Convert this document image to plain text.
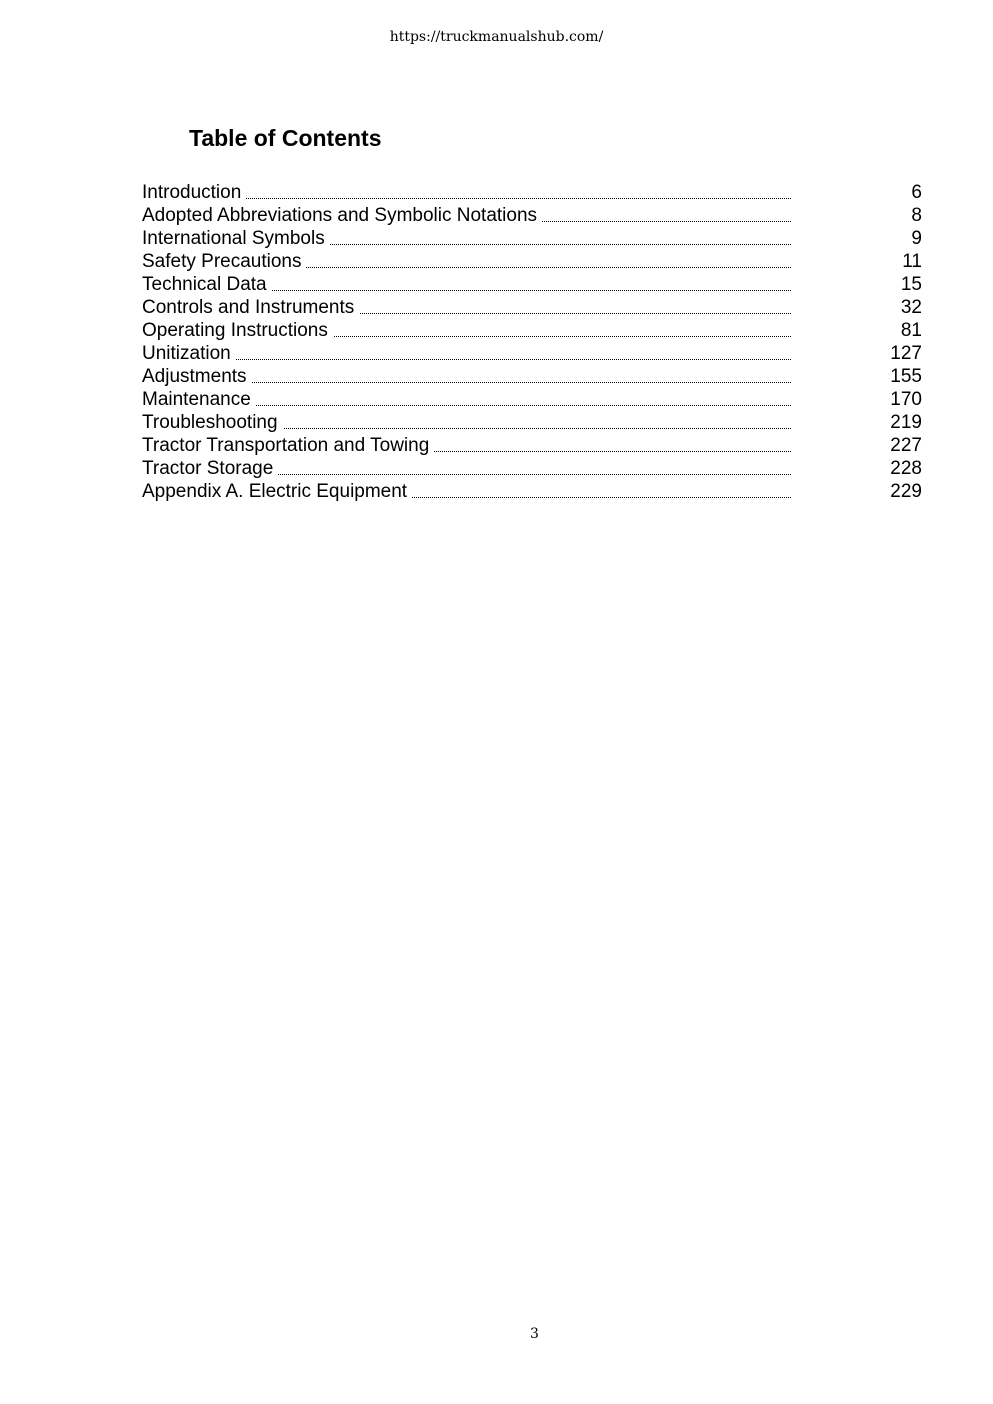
https://truckmanualshub.com/
Table of Contents
Introduction	6
Adopted Abbreviations and Symbolic Notations	8
International Symbols	9
Safety Precautions	11
Technical Data	15
Controls and Instruments	32
Operating Instructions	81
Unitization	127
Adjustments	155
Maintenance	170
Troubleshooting	219
Tractor Transportation and Towing	227
Tractor Storage	228
Appendix A. Electric Equipment	229
3
